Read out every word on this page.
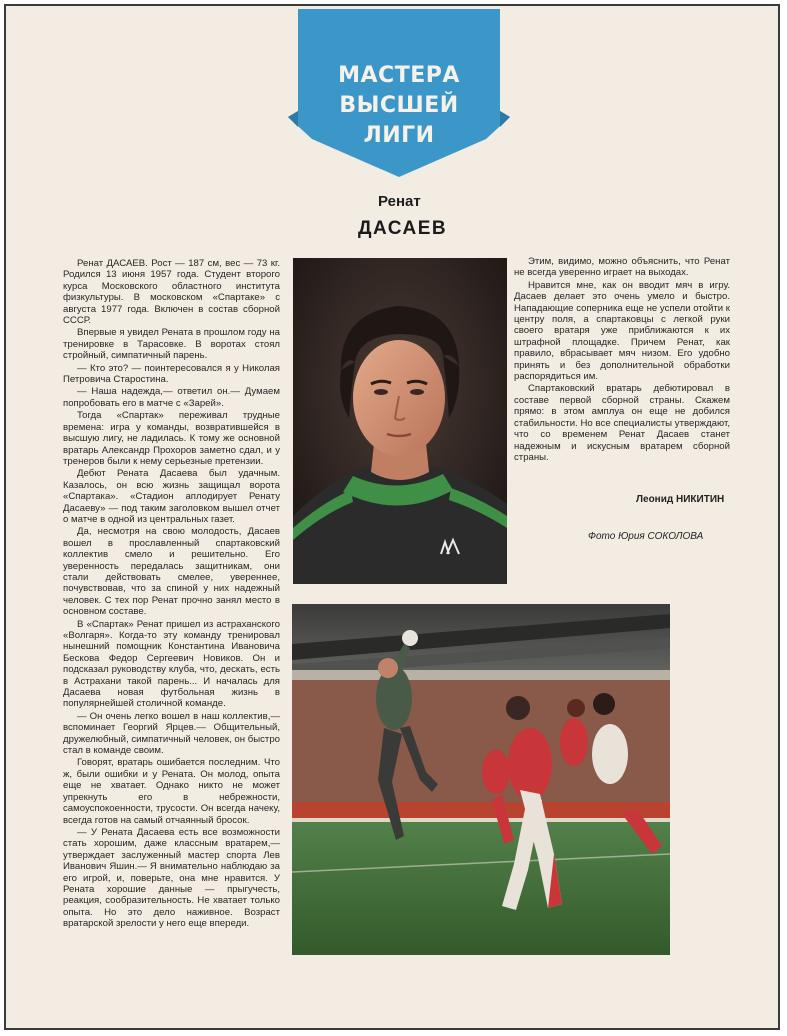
МАСТЕРА
ВЫСШЕЙ
ЛИГИ
Ренат
ДАСАЕВ

Ренат ДАСАЕВ. Рост — 187 см, вес — 73 кг. Родился 13 июня 1957 года. Студент второго курса Московского областного института физкультуры. В московском «Спартаке» с августа 1977 года. Включен в состав сборной СССР.

Впервые я увидел Рената в прошлом году на тренировке в Тарасовке. В воротах стоял стройный, симпатичный парень.

— Кто это? — поинтересовался я у Николая Петровича Старостина.

— Наша надежда,— ответил он.— Думаем попробовать его в матче с «Зарей».

Тогда «Спартак» переживал трудные времена: игра у команды, возвратившейся в высшую лигу, не ладилась. К тому же основной вратарь Александр Прохоров заметно сдал, и у тренеров были к нему серьезные претензии.

Дебют Рената Дасаева был удачным. Казалось, он всю жизнь защищал ворота «Спартака». «Стадион аплодирует Ренату Дасаеву» — под таким заголовком вышел отчет о матче в одной из центральных газет.

Да, несмотря на свою молодость, Дасаев вошел в прославленный спартаковский коллектив смело и решительно. Его уверенность передалась защитникам, они стали действовать смелее, увереннее, почувствовав, что за спиной у них надежный человек. С тех пор Ренат прочно занял место в основном составе.

В «Спартак» Ренат пришел из астраханского «Волгаря». Когда-то эту команду тренировал нынешний помощник Константина Ивановича Бескова Федор Сергеевич Новиков. Он и подсказал руководству клуба, что, дескать, есть в Астрахани такой парень... И началась для Дасаева новая футбольная жизнь в популярнейшей столичной команде.

— Он очень легко вошел в наш коллектив,— вспоминает Георгий Ярцев.— Общительный, дружелюбный, симпатичный человек, он быстро стал в команде своим.

Говорят, вратарь ошибается последним. Что ж, были ошибки и у Рената. Он молод, опыта еще не хватает. Однако никто не может упрекнуть его в небрежности, самоуспокоенности, трусости. Он всегда начеку, всегда готов на самый отчаянный бросок.

— У Рената Дасаева есть все возможности стать хорошим, даже классным вратарем,— утверждает заслуженный мастер спорта Лев Иванович Яшин.— Я внимательно наблюдаю за его игрой, и, поверьте, она мне нравится. У Рената хорошие данные — прыгучесть, реакция, сообразительность. Не хватает только опыта. Но это дело наживное. Возраст вратарской зрелости у него еще впереди.

Этим, видимо, можно объяснить, что Ренат не всегда уверенно играет на выходах.

Нравится мне, как он вводит мяч в игру. Дасаев делает это очень умело и быстро. Нападающие соперника еще не успели отойти к центру поля, а спартаковцы с легкой руки своего вратаря уже приближаются к их штрафной площадке. Причем Ренат, как правило, вбрасывает мяч низом. Его удобно принять и без дополнительной обработки распорядиться им.

Спартаковский вратарь дебютировал в составе первой сборной страны. Скажем прямо: в этом амплуа он еще не добился стабильности. Но все специалисты утверждают, что со временем Ренат Дасаев станет надежным и искусным вратарем сборной страны.

Леонид НИКИТИН
Фото Юрия СОКОЛОВА
